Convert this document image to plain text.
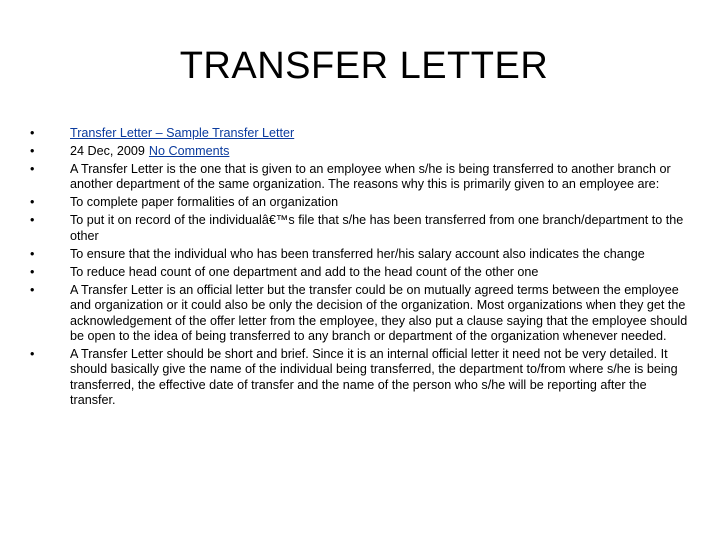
TRANSFER LETTER
•	Transfer Letter – Sample Transfer Letter
•	24 Dec, 2009 No Comments
•	A Transfer Letter is the one that is given to an employee when s/he is being transferred to another branch or another department of the same organization. The reasons why this is primarily given to an employee are:
•	To complete paper formalities of an organization
•	To put it on record of the individualâ€™s file that s/he has been transferred from one branch/department to the other
•	To ensure that the individual who has been transferred her/his salary account also indicates the change
•	To reduce head count of one department and add to the head count of the other one
•	A Transfer Letter is an official letter but the transfer could be on mutually agreed terms between the employee and organization or it could also be only the decision of the organization. Most organizations when they get the acknowledgement of the offer letter from the employee, they also put a clause saying that the employee should be open to the idea of being transferred to any branch or department of the organization whenever needed.
•	A Transfer Letter should be short and brief. Since it is an internal official letter it need not be very detailed. It should basically give the name of the individual being transferred, the department to/from where s/he is being transferred, the effective date of transfer and the name of the person who s/he will be reporting after the transfer.
